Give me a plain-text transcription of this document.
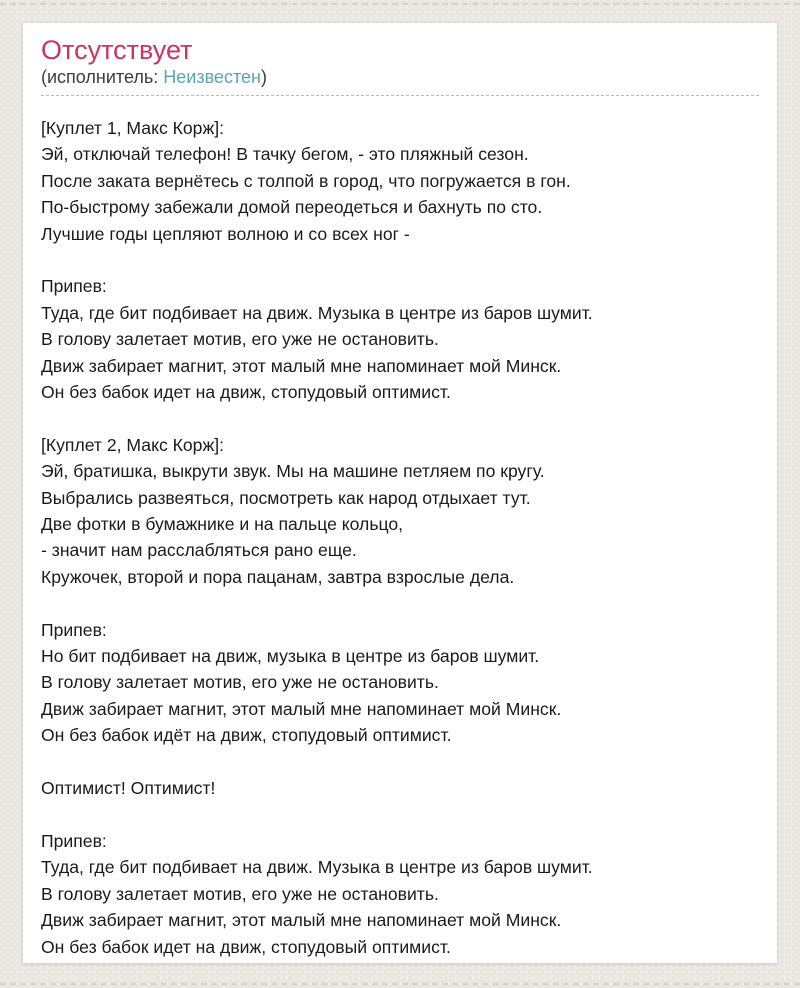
Отсутствует
(исполнитель: Неизвестен)

[Куплет 1, Макс Корж]:
Эй, отключай телефон! В тачку бегом, - это пляжный сезон.
После заката вернётесь с толпой в город, что погружается в гон.
По-быстрому забежали домой переодеться и бахнуть по сто.
Лучшие годы цепляют волною и со всех ног -

Припев:
Туда, где бит подбивает на движ. Музыка в центре из баров шумит.
В голову залетает мотив, его уже не остановить.
Движ забирает магнит, этот малый мне напоминает мой Минск.
Он без бабок идет на движ, стопудовый оптимист.

[Куплет 2, Макс Корж]:
Эй, братишка, выкрути звук. Мы на машине петляем по кругу.
Выбрались развеяться, посмотреть как народ отдыхает тут.
Две фотки в бумажнике и на пальце кольцо,
- значит нам расслабляться рано еще.
Кружочек, второй и пора пацанам, завтра взрослые дела.

Припев:
Но бит подбивает на движ, музыка в центре из баров шумит.
В голову залетает мотив, его уже не остановить.
Движ забирает магнит, этот малый мне напоминает мой Минск.
Он без бабок идёт на движ, стопудовый оптимист.

Оптимист! Оптимист!

Припев:
Туда, где бит подбивает на движ. Музыка в центре из баров шумит.
В голову залетает мотив, его уже не остановить.
Движ забирает магнит, этот малый мне напоминает мой Минск.
Он без бабок идет на движ, стопудовый оптимист.
